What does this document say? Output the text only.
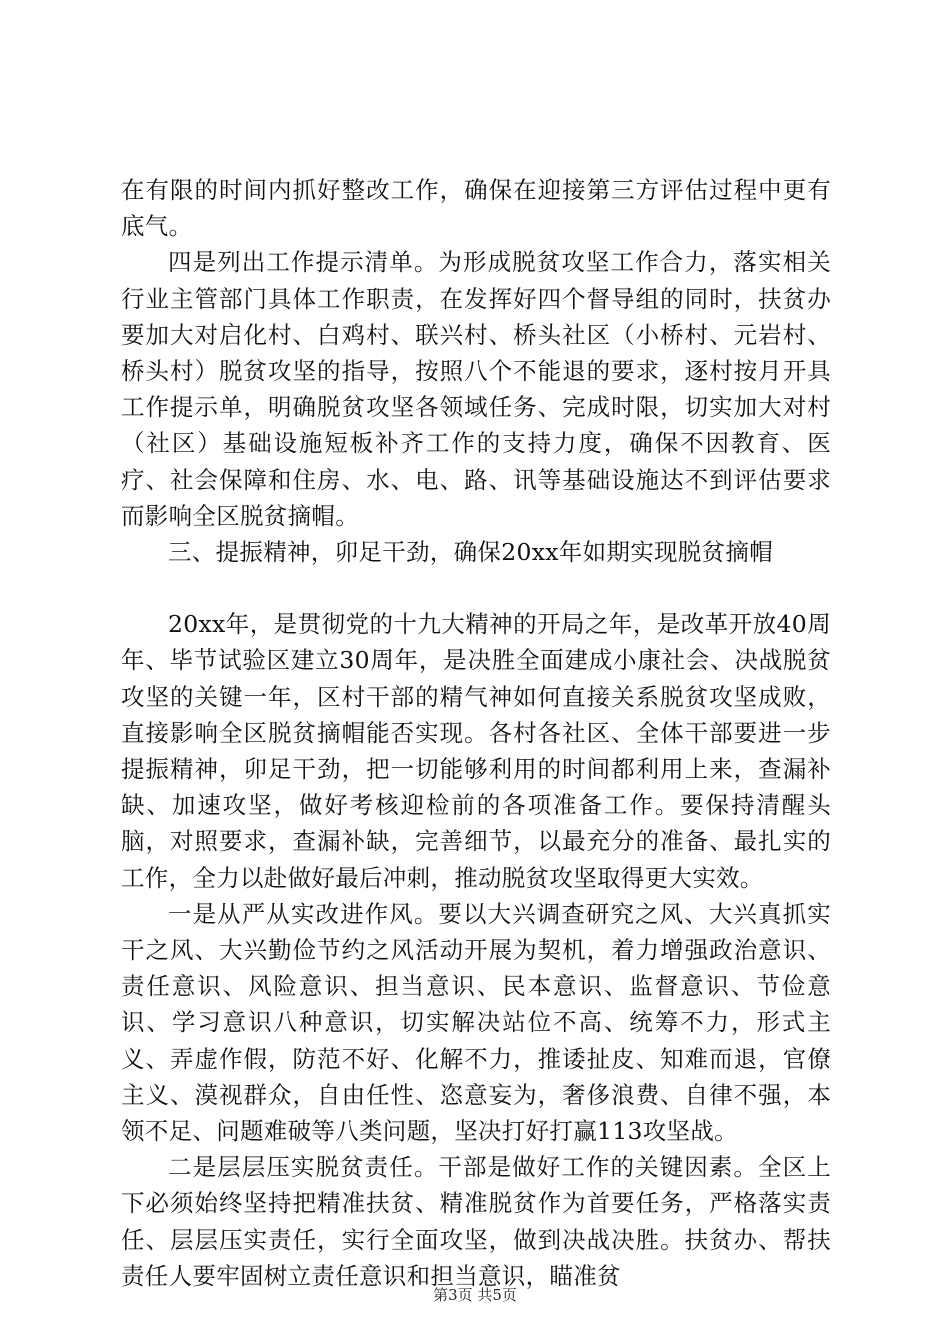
在有限的时间内抓好整改工作，确保在迎接第三方评估过程中更有底气。

四是列出工作提示清单。为形成脱贫攻坚工作合力，落实相关行业主管部门具体工作职责，在发挥好四个督导组的同时，扶贫办要加大对启化村、白鸡村、联兴村、桥头社区（小桥村、元岩村、桥头村）脱贫攻坚的指导，按照八个不能退的要求，逐村按月开具工作提示单，明确脱贫攻坚各领域任务、完成时限，切实加大对村（社区）基础设施短板补齐工作的支持力度，确保不因教育、医疗、社会保障和住房、水、电、路、讯等基础设施达不到评估要求而影响全区脱贫摘帽。

三、提振精神，卯足干劲，确保20xx年如期实现脱贫摘帽

20xx年，是贯彻党的十九大精神的开局之年，是改革开放40周年、毕节试验区建立30周年，是决胜全面建成小康社会、决战脱贫攻坚的关键一年，区村干部的精气神如何直接关系脱贫攻坚成败，直接影响全区脱贫摘帽能否实现。各村各社区、全体干部要进一步提振精神，卯足干劲，把一切能够利用的时间都利用上来，查漏补缺、加速攻坚，做好考核迎检前的各项准备工作。要保持清醒头脑，对照要求，查漏补缺，完善细节，以最充分的准备、最扎实的工作，全力以赴做好最后冲刺，推动脱贫攻坚取得更大实效。

一是从严从实改进作风。要以大兴调查研究之风、大兴真抓实干之风、大兴勤俭节约之风活动开展为契机，着力增强政治意识、责任意识、风险意识、担当意识、民本意识、监督意识、节俭意识、学习意识八种意识，切实解决站位不高、统筹不力，形式主义、弄虚作假，防范不好、化解不力，推诿扯皮、知难而退，官僚主义、漠视群众，自由任性、恣意妄为，奢侈浪费、自律不强，本领不足、问题难破等八类问题，坚决打好打赢113攻坚战。

二是层层压实脱贫责任。干部是做好工作的关键因素。全区上下必须始终坚持把精准扶贫、精准脱贫作为首要任务，严格落实责任、层层压实责任，实行全面攻坚，做到决战决胜。扶贫办、帮扶责任人要牢固树立责任意识和担当意识，瞄准贫

第3页 共5页
